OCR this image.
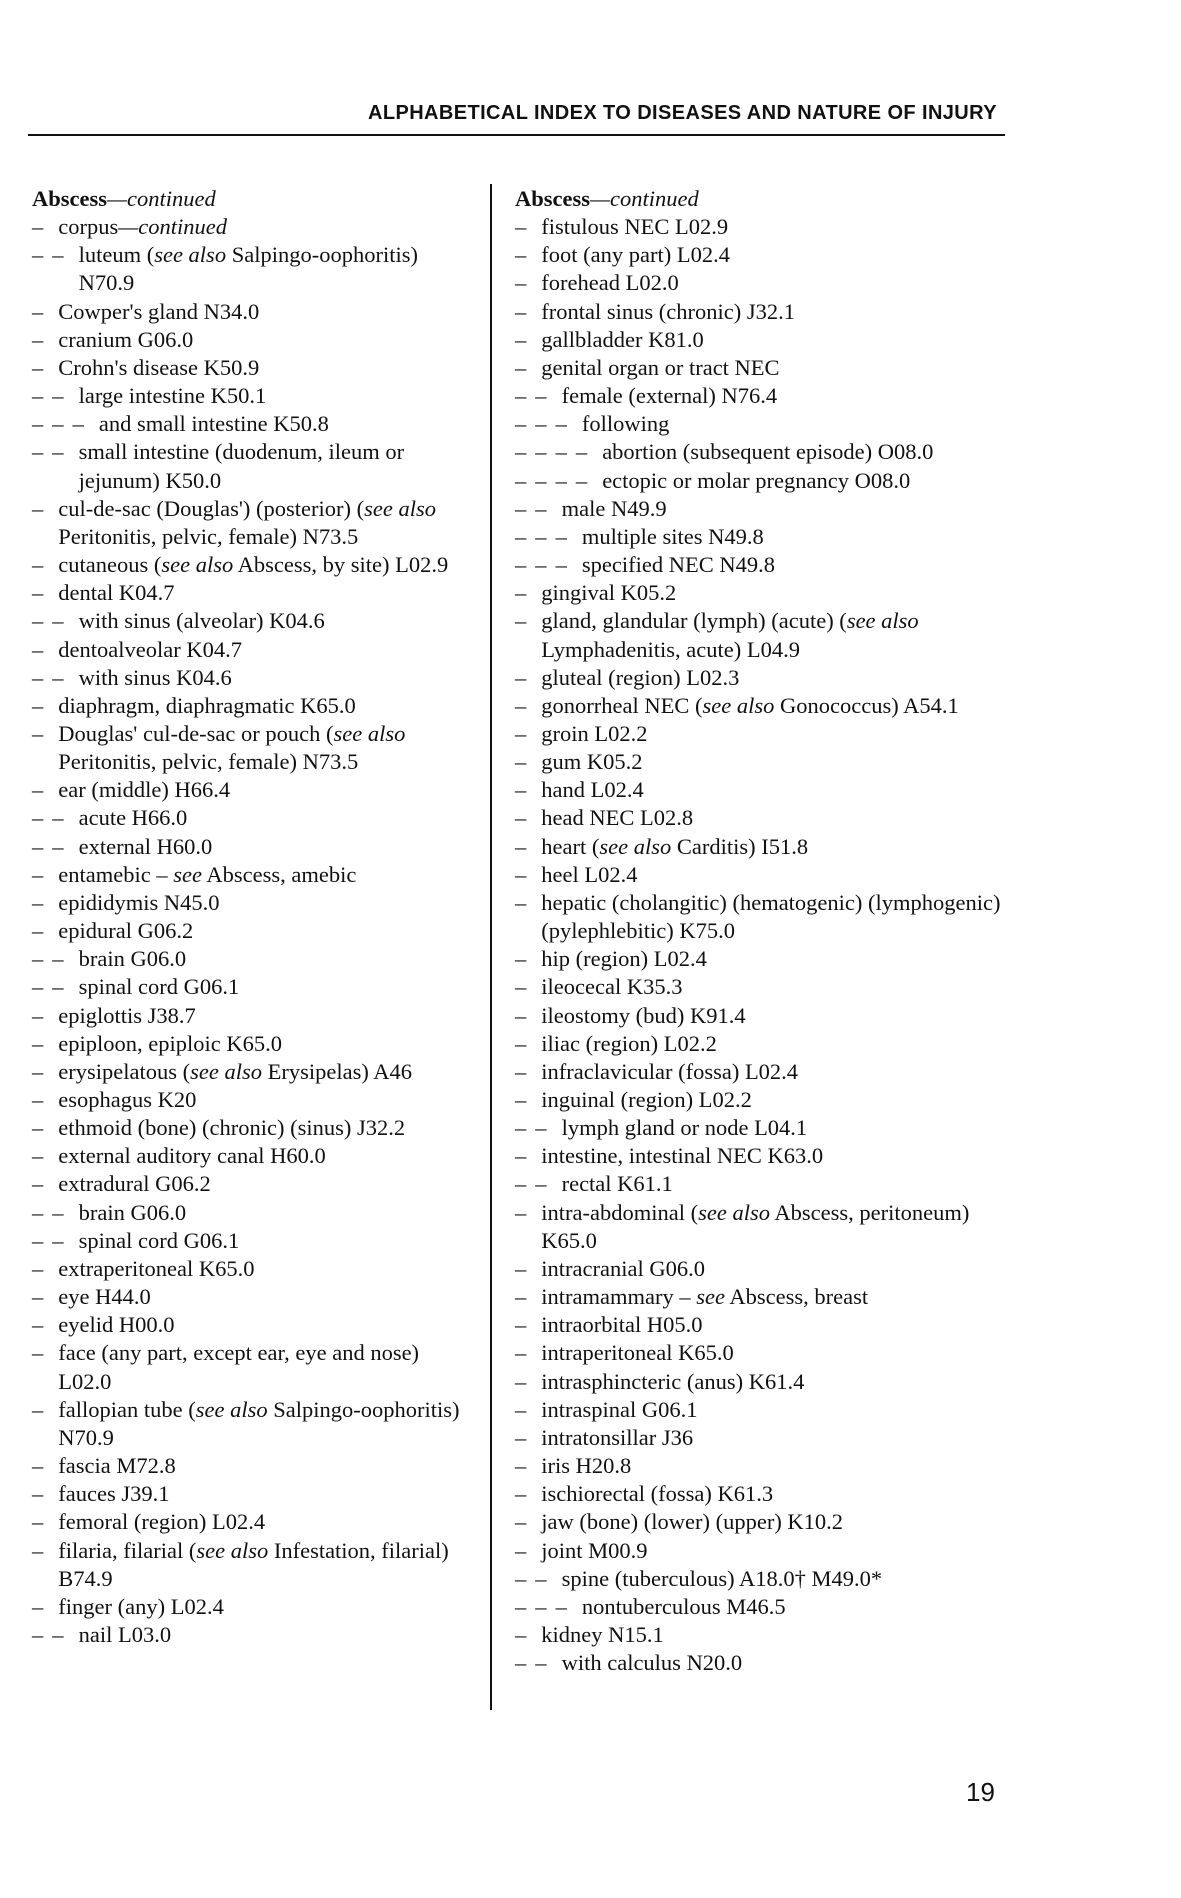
ALPHABETICAL INDEX TO DISEASES AND NATURE OF INJURY
Abscess—continued
– corpus—continued
– – luteum (see also Salpingo-oophoritis) N70.9
– Cowper's gland N34.0
– cranium G06.0
– Crohn's disease K50.9
– – large intestine K50.1
– – – and small intestine K50.8
– – small intestine (duodenum, ileum or jejunum) K50.0
– cul-de-sac (Douglas') (posterior) (see also Peritonitis, pelvic, female) N73.5
– cutaneous (see also Abscess, by site) L02.9
– dental K04.7
– – with sinus (alveolar) K04.6
– dentoalveolar K04.7
– – with sinus K04.6
– diaphragm, diaphragmatic K65.0
– Douglas' cul-de-sac or pouch (see also Peritonitis, pelvic, female) N73.5
– ear (middle) H66.4
– – acute H66.0
– – external H60.0
– entamebic – see Abscess, amebic
– epididymis N45.0
– epidural G06.2
– – brain G06.0
– – spinal cord G06.1
– epiglottis J38.7
– epiploon, epiploic K65.0
– erysipelatous (see also Erysipelas) A46
– esophagus K20
– ethmoid (bone) (chronic) (sinus) J32.2
– external auditory canal H60.0
– extradural G06.2
– – brain G06.0
– – spinal cord G06.1
– extraperitoneal K65.0
– eye H44.0
– eyelid H00.0
– face (any part, except ear, eye and nose) L02.0
– fallopian tube (see also Salpingo-oophoritis) N70.9
– fascia M72.8
– fauces J39.1
– femoral (region) L02.4
– filaria, filarial (see also Infestation, filarial) B74.9
– finger (any) L02.4
– – nail L03.0
Abscess—continued
– fistulous NEC L02.9
– foot (any part) L02.4
– forehead L02.0
– frontal sinus (chronic) J32.1
– gallbladder K81.0
– genital organ or tract NEC
– – female (external) N76.4
– – – following
– – – – abortion (subsequent episode) O08.0
– – – – ectopic or molar pregnancy O08.0
– – male N49.9
– – – multiple sites N49.8
– – – specified NEC N49.8
– gingival K05.2
– gland, glandular (lymph) (acute) (see also Lymphadenitis, acute) L04.9
– gluteal (region) L02.3
– gonorrheal NEC (see also Gonococcus) A54.1
– groin L02.2
– gum K05.2
– hand L02.4
– head NEC L02.8
– heart (see also Carditis) I51.8
– heel L02.4
– hepatic (cholangitic) (hematogenic) (lymphogenic) (pylephlebitic) K75.0
– hip (region) L02.4
– ileocecal K35.3
– ileostomy (bud) K91.4
– iliac (region) L02.2
– infraclavicular (fossa) L02.4
– inguinal (region) L02.2
– – lymph gland or node L04.1
– intestine, intestinal NEC K63.0
– – rectal K61.1
– intra-abdominal (see also Abscess, peritoneum) K65.0
– intracranial G06.0
– intramammary – see Abscess, breast
– intraorbital H05.0
– intraperitoneal K65.0
– intrasphincteric (anus) K61.4
– intraspinal G06.1
– intratonsillar J36
– iris H20.8
– ischiorectal (fossa) K61.3
– jaw (bone) (lower) (upper) K10.2
– joint M00.9
– – spine (tuberculous) A18.0† M49.0*
– – – nontuberculous M46.5
– kidney N15.1
– – with calculus N20.0
19
